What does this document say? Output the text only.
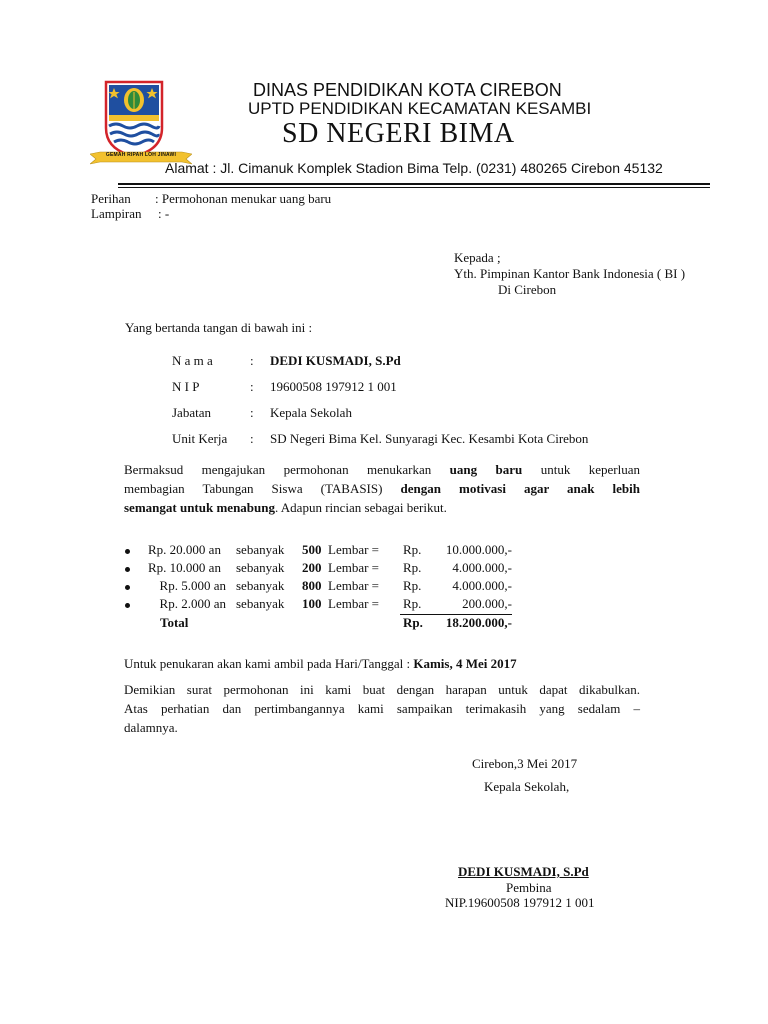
GEMAH RIPAH LOH JINAWI
DINAS PENDIDIKAN KOTA CIREBON
UPTD PENDIDIKAN KECAMATAN KESAMBI
SD NEGERI BIMA
Alamat : Jl. Cimanuk Komplek Stadion Bima Telp. (0231) 480265 Cirebon 45132
Perihan : Permohonan menukar uang baru
Lampiran : -
Kepada ;
Yth. Pimpinan Kantor Bank Indonesia ( BI )
Di Cirebon
Yang bertanda tangan di bawah ini :
N a m a	: DEDI KUSMADI, S.Pd
N I P	: 19600508 197912 1 001
Jabatan	: Kepala Sekolah
Unit Kerja : SD Negeri Bima Kel. Sunyaragi Kec. Kesambi Kota Cirebon
Bermaksud mengajukan permohonan menukarkan uang baru untuk keperluan
membagian Tabungan Siswa (TABASIS) dengan motivasi agar anak lebih
semangat untuk menabung. Adapun rincian sebagai berikut.
Rp. 20.000 an sebanyak 500 Lembar = Rp.	10.000.000,-
Rp. 10.000 an sebanyak 200 Lembar = Rp.	4.000.000,-
Rp. 5.000 an sebanyak 800 Lembar = Rp.	4.000.000,-
Rp. 2.000 an sebanyak 100 Lembar = Rp.	200.000,-
Total	Rp.	18.200.000,-
Untuk penukaran akan kami ambil pada Hari/Tanggal : Kamis, 4 Mei 2017
Demikian surat permohonan ini kami buat dengan harapan untuk dapat dikabulkan.
Atas perhatian dan pertimbangannya kami sampaikan terimakasih yang sedalam –
dalamnya.
Cirebon,3 Mei 2017
Kepala Sekolah,
DEDI KUSMADI, S.Pd
Pembina
NIP.19600508 197912 1 001
